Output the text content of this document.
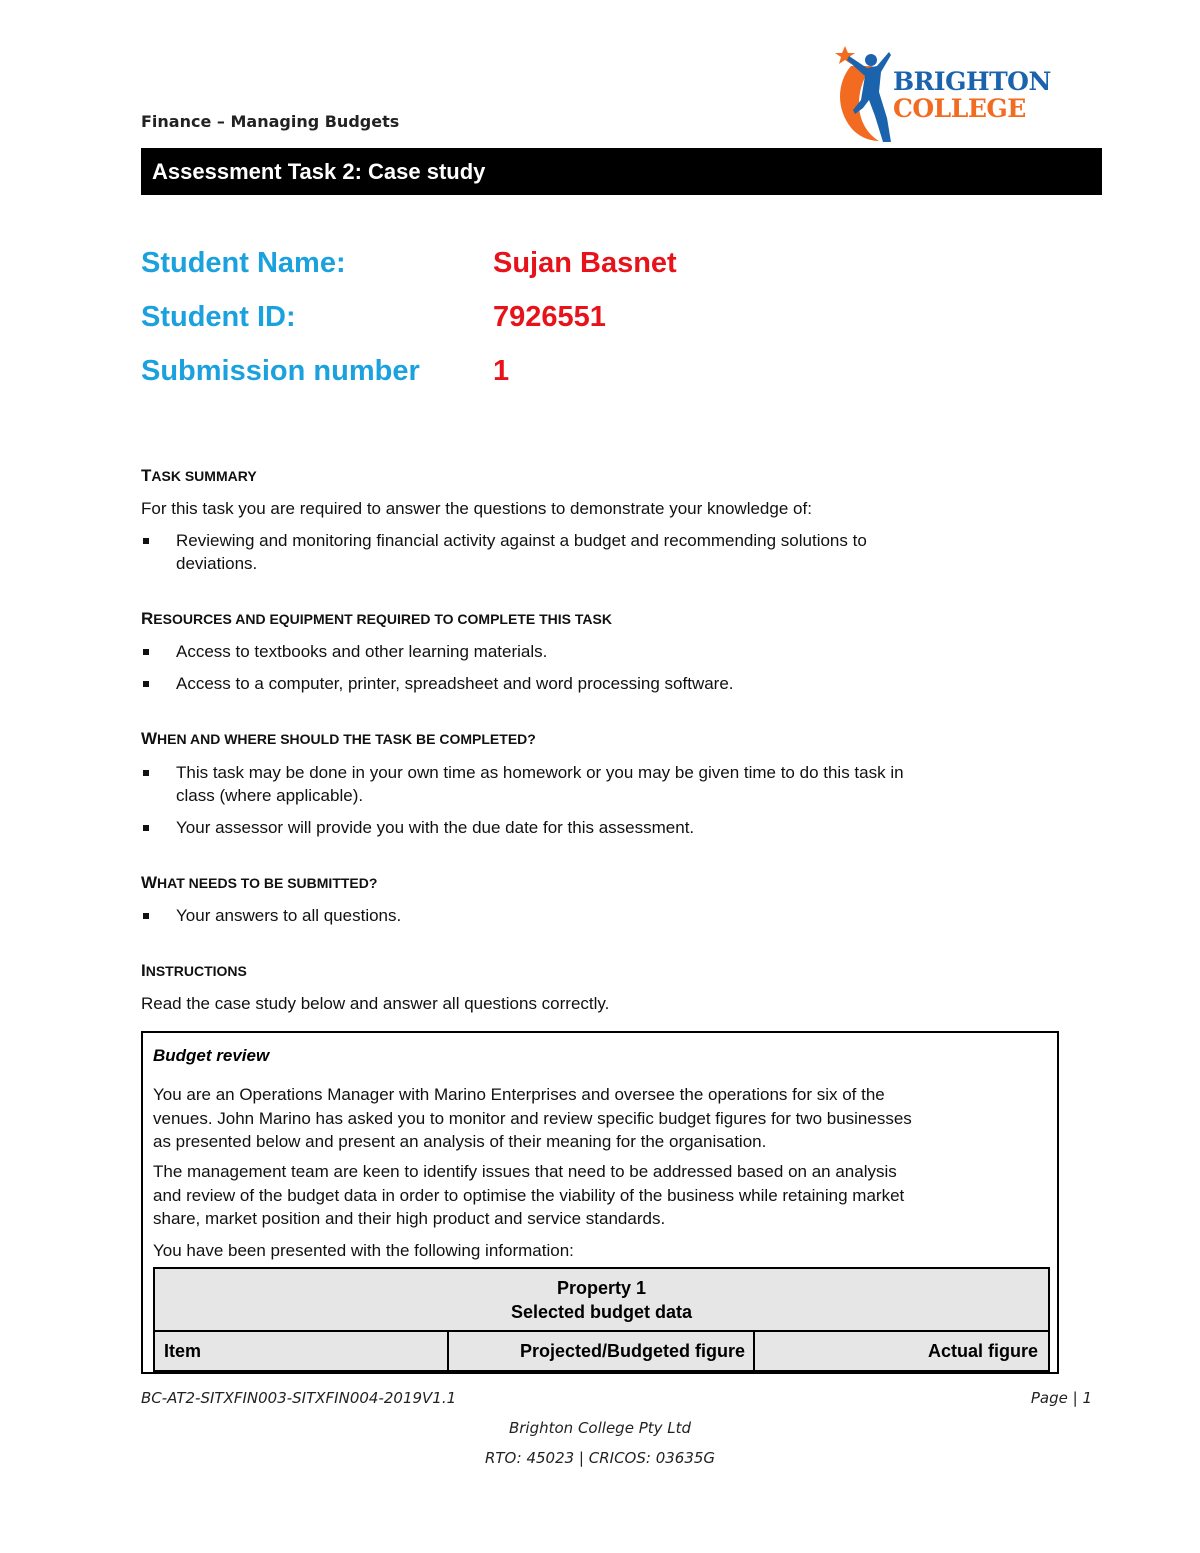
Finance – Managing Budgets
BRIGHTON
COLLEGE
Assessment Task 2: Case study
Student Name:	Sujan Basnet
Student ID:	7926551
Submission number	1
TASK SUMMARY
For this task you are required to answer the questions to demonstrate your knowledge of:
Reviewing and monitoring financial activity against a budget and recommending solutions to
deviations.
RESOURCES AND EQUIPMENT REQUIRED TO COMPLETE THIS TASK
Access to textbooks and other learning materials.
Access to a computer, printer, spreadsheet and word processing software.
WHEN AND WHERE SHOULD THE TASK BE COMPLETED?
This task may be done in your own time as homework or you may be given time to do this task in
class (where applicable).
Your assessor will provide you with the due date for this assessment.
WHAT NEEDS TO BE SUBMITTED?
Your answers to all questions.
INSTRUCTIONS
Read the case study below and answer all questions correctly.
Budget review
You are an Operations Manager with Marino Enterprises and oversee the operations for six of the
venues. John Marino has asked you to monitor and review specific budget figures for two businesses
as presented below and present an analysis of their meaning for the organisation.
The management team are keen to identify issues that need to be addressed based on an analysis
and review of the budget data in order to optimise the viability of the business while retaining market
share, market position and their high product and service standards.
You have been presented with the following information:
Property 1
Selected budget data
Item	Projected/Budgeted figure	Actual figure
BC-AT2-SITXFIN003-SITXFIN004-2019V1.1	Page | 1
Brighton College Pty Ltd
RTO: 45023 | CRICOS: 03635G
